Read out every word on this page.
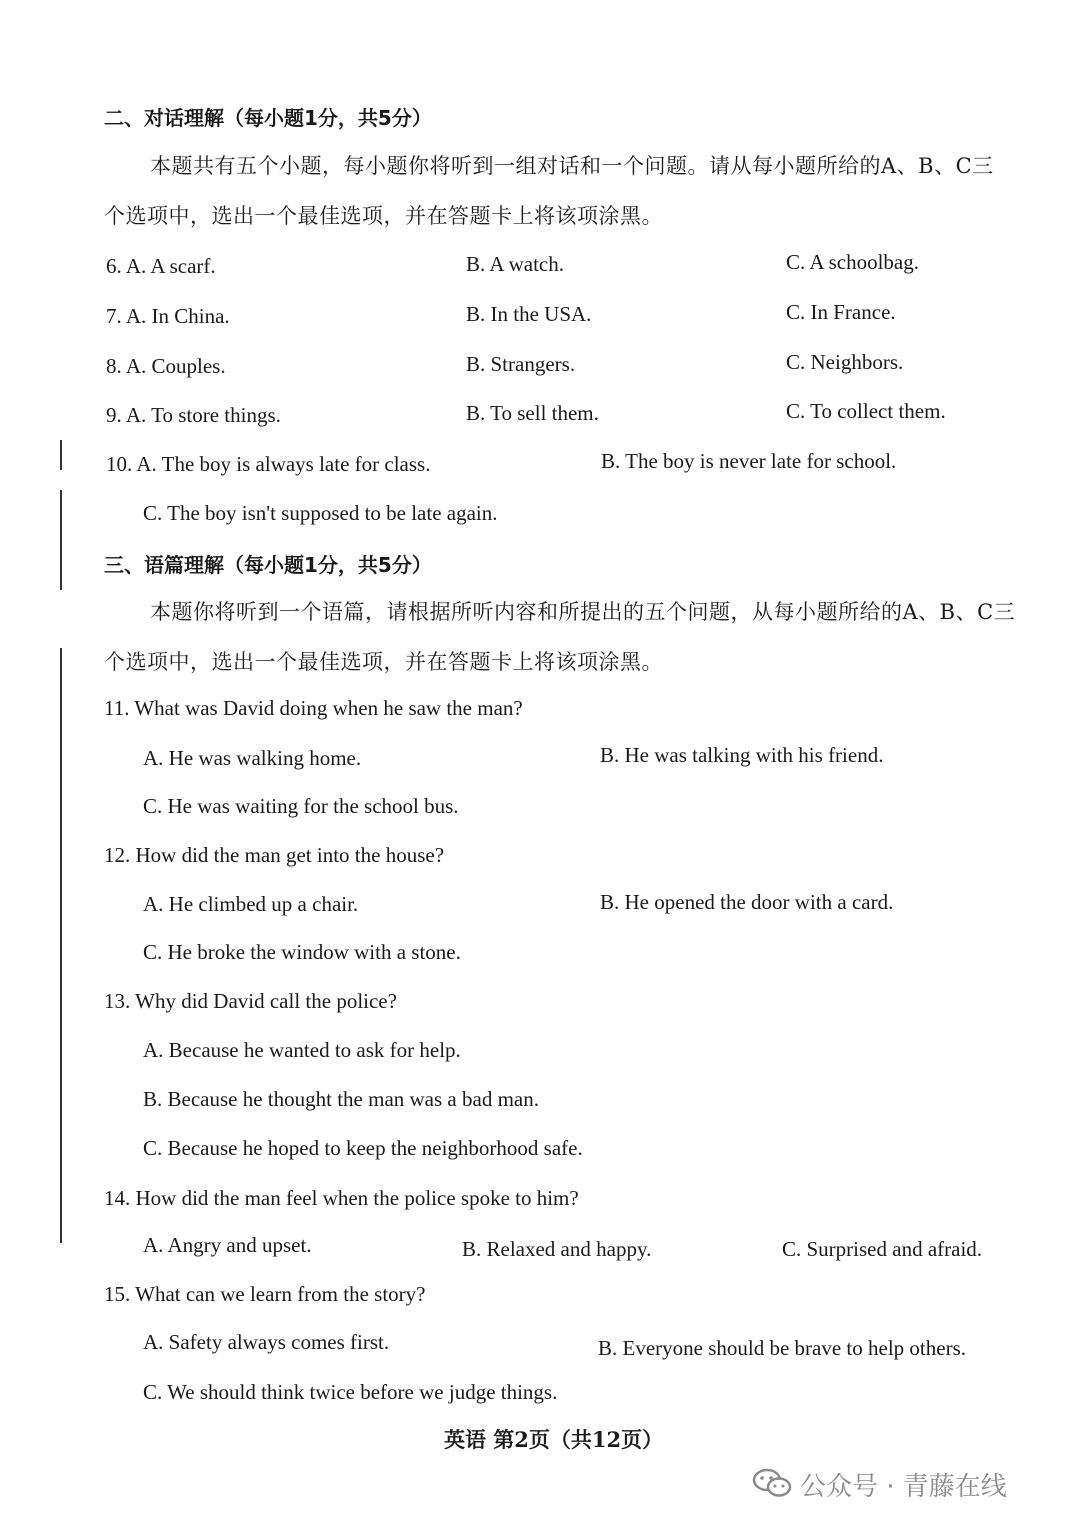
二、对话理解（每小题1分，共5分）
本题共有五个小题，每小题你将听到一组对话和一个问题。请从每小题所给的A、B、C三
个选项中，选出一个最佳选项，并在答题卡上将该项涂黑。
6. A. A scarf.	B. A watch.	C. A schoolbag.
7. A. In China.	B. In the USA.	C. In France.
8. A. Couples.	B. Strangers.	C. Neighbors.
9. A. To store things.	B. To sell them.	C. To collect them.
10. A. The boy is always late for class.	B. The boy is never late for school.
C. The boy isn't supposed to be late again.
三、语篇理解（每小题1分，共5分）
本题你将听到一个语篇，请根据所听内容和所提出的五个问题，从每小题所给的A、B、C三
个选项中，选出一个最佳选项，并在答题卡上将该项涂黑。
11. What was David doing when he saw the man?
A. He was walking home.	B. He was talking with his friend.
C. He was waiting for the school bus.
12. How did the man get into the house?
A. He climbed up a chair.	B. He opened the door with a card.
C. He broke the window with a stone.
13. Why did David call the police?
A. Because he wanted to ask for help.
B. Because he thought the man was a bad man.
C. Because he hoped to keep the neighborhood safe.
14. How did the man feel when the police spoke to him?
A. Angry and upset.	B. Relaxed and happy.	C. Surprised and afraid.
15. What can we learn from the story?
A. Safety always comes first.	B. Everyone should be brave to help others.
C. We should think twice before we judge things.
英语 第2页（共12页）
公众号 · 青藤在线
